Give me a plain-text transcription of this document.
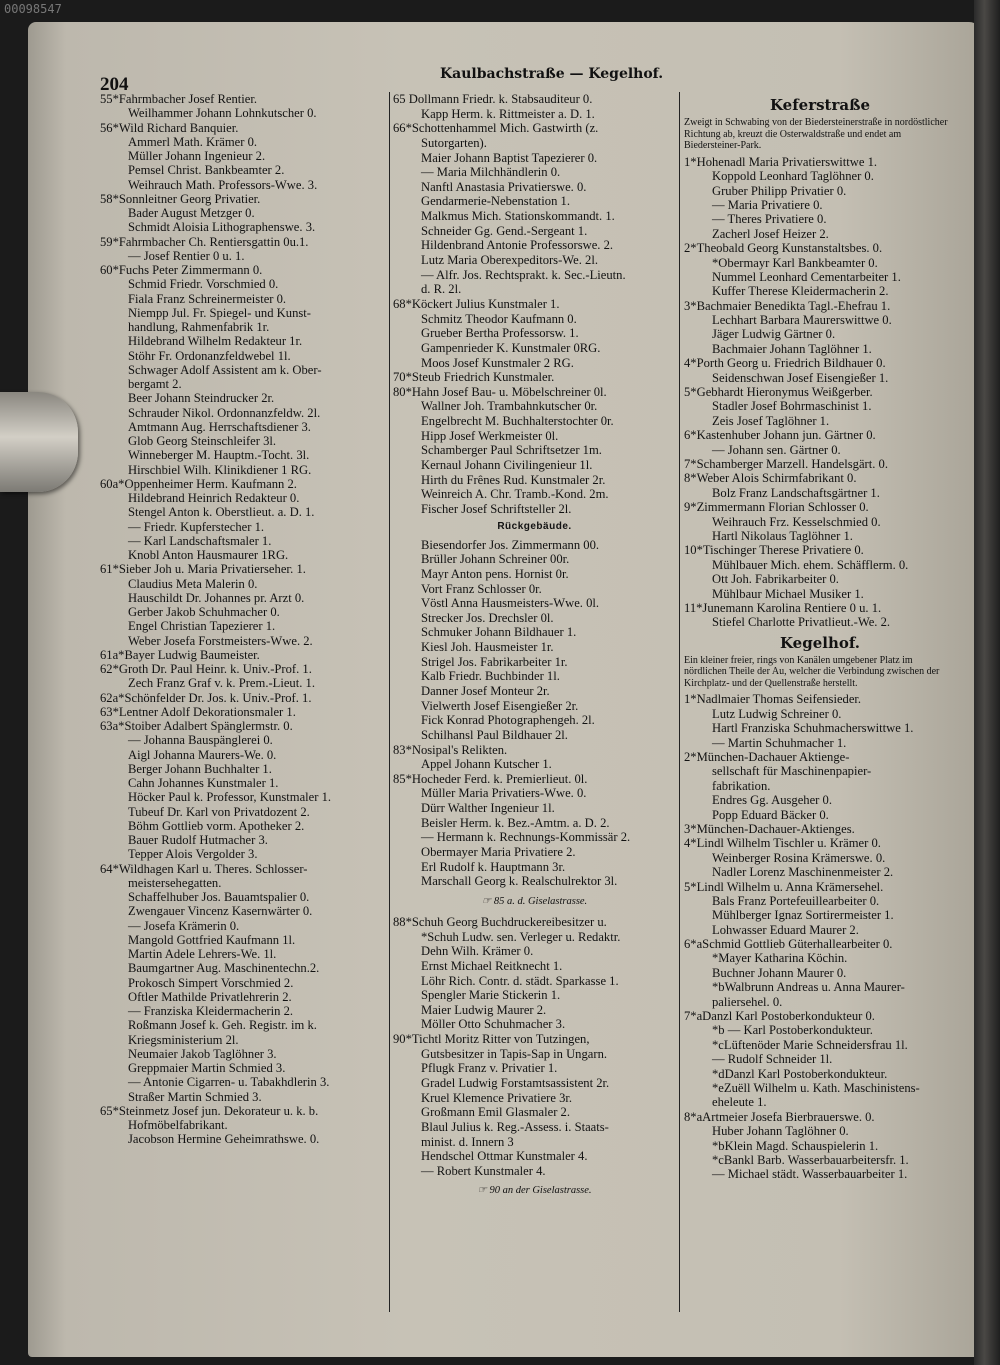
00098547
204	Kaulbachstraße — Kegelhof.
55*Fahrmbacher Josef Rentier.
Weilhammer Johann Lohnkutscher 0.
56*Wild Richard Banquier.
Ammerl Math. Krämer 0.
Müller Johann Ingenieur 2.
Pemsel Christ. Bankbeamter 2.
Weihrauch Math. Professors-Wwe. 3.
58*Sonnleitner Georg Privatier.
Bader August Metzger 0.
Schmidt Aloisia Lithographenswe. 3.
59*Fahrmbacher Ch. Rentiersgattin 0u.1.
— Josef Rentier 0 u. 1.
60*Fuchs Peter Zimmermann 0.
Schmid Friedr. Vorschmied 0.
Fiala Franz Schreinermeister 0.
Niempp Jul. Fr. Spiegel- und Kunst-
handlung, Rahmenfabrik 1r.
Hildebrand Wilhelm Redakteur 1r.
Stöhr Fr. Ordonanzfeldwebel 1l.
Schwager Adolf Assistent am k. Ober-
bergamt 2.
Beer Johann Steindrucker 2r.
Schrauder Nikol. Ordonnanzfeldw. 2l.
Amtmann Aug. Herrschaftsdiener 3.
Glob Georg Steinschleifer 3l.
Winneberger M. Hauptm.-Tocht. 3l.
Hirschbiel Wilh. Klinikdiener 1 RG.
60a*Oppenheimer Herm. Kaufmann 2.
Hildebrand Heinrich Redakteur 0.
Stengel Anton k. Oberstlieut. a. D. 1.
— Friedr. Kupferstecher 1.
— Karl Landschaftsmaler 1.
Knobl Anton Hausmaurer 1RG.
61*Sieber Joh u. Maria Privatiersehег. 1.
Claudius Meta Malerin 0.
Hauschildt Dr. Johannes pr. Arzt 0.
Gerber Jakob Schuhmacher 0.
Engel Christian Tapezierer 1.
Weber Josefa Forstmeisters-Wwe. 2.
61a*Bayer Ludwig Baumeister.
62*Groth Dr. Paul Heinr. k. Univ.-Prof. 1.
Zech Franz Graf v. k. Prem.-Lieut. 1.
62a*Schönfelder Dr. Jos. k. Univ.-Prof. 1.
63*Lentner Adolf Dekorationsmaler 1.
63a*Stoiber Adalbert Spänglermstr. 0.
— Johanna Bauspänglerei 0.
Aigl Johanna Maurers-We. 0.
Berger Johann Buchhalter 1.
Cahn Johannes Kunstmaler 1.
Höcker Paul k. Professor, Kunstmaler 1.
Tubeuf Dr. Karl von Privatdozent 2.
Böhm Gottlieb vorm. Apotheker 2.
Bauer Rudolf Hutmacher 3.
Tepper Alois Vergolder 3.
64*Wildhagen Karl u. Theres. Schlosser-
meistersehegatten.
Schaffelhuber Jos. Bauamtspalier 0.
Zwengauer Vincenz Kasernwärter 0.
— Josefa Krämerin 0.
Mangold Gottfried Kaufmann 1l.
Martin Adele Lehrers-We. 1l.
Baumgartner Aug. Maschinentechn.2.
Prokosch Simpert Vorschmied 2.
Oftler Mathilde Privatlehrerin 2.
— Franziska Kleidermacherin 2.
Roßmann Josef k. Geh. Registr. im k.
Kriegsministerium 2l.
Neumaier Jakob Taglöhner 3.
Greppmaier Martin Schmied 3.
— Antonie Cigarren- u. Tabakhdlerin 3.
Straßer Martin Schmied 3.
65*Steinmetz Josef jun. Dekorateur u. k. b.
Hofmöbelfabrikant.
Jacobson Hermine Geheimrathswe. 0.
65 Dollmann Friedr. k. Stabsauditeur 0.
Kapp Herm. k. Rittmeister a. D. 1.
66*Schottenhammel Mich. Gastwirth (z.
Sutorgarten).
Maier Johann Baptist Tapezierer 0.
— Maria Milchhändlerin 0.
Nanftl Anastasia Privatierswe. 0.
Gendarmerie-Nebenstation 1.
Malkmus Mich. Stationskommandt. 1.
Schneider Gg. Gend.-Sergeant 1.
Hildenbrand Antonie Professorswe. 2.
Lutz Maria Oberexpeditors-We. 2l.
— Alfr. Jos. Rechtsprakt. k. Sec.-Lieutn.
d. R. 2l.
68*Köckert Julius Kunstmaler 1.
Schmitz Theodor Kaufmann 0.
Grueber Bertha Professorsw. 1.
Gampenrieder K. Kunstmaler 0RG.
Moos Josef Kunstmaler 2 RG.
70*Steub Friedrich Kunstmaler.
80*Hahn Josef Bau- u. Möbelschreiner 0l.
Wallner Joh. Trambahnkutscher 0r.
Engelbrecht M. Buchhalterstochter 0r.
Hipp Josef Werkmeister 0l.
Schamberger Paul Schriftsetzer 1m.
Kernaul Johann Civilingenieur 1l.
Hirth du Frênes Rud. Kunstmaler 2r.
Weinreich A. Chr. Tramb.-Kond. 2m.
Fischer Josef Schriftsteller 2l.
Rückgebäude.
Biesendorfer Jos. Zimmermann 00.
Brüller Johann Schreiner 00r.
Mayr Anton pens. Hornist 0r.
Vort Franz Schlosser 0r.
Vöstl Anna Hausmeisters-Wwe. 0l.
Strecker Jos. Drechsler 0l.
Schmuker Johann Bildhauer 1.
Kiesl Joh. Hausmeister 1r.
Strigel Jos. Fabrikarbeiter 1r.
Kalb Friedr. Buchbinder 1l.
Danner Josef Monteur 2r.
Vielwerth Josef Eisengießer 2r.
Fick Konrad Photographengeh. 2l.
Schilhansl Paul Bildhauer 2l.
83*Nosipal's Relikten.
Appel Johann Kutscher 1.
85*Hocheder Ferd. k. Premierlieut. 0l.
Müller Maria Privatiers-Wwe. 0.
Dürr Walther Ingenieur 1l.
Beisler Herm. k. Bez.-Amtm. a. D. 2.
— Hermann k. Rechnungs-Kommissär 2.
Obermayer Maria Privatiere 2.
Erl Rudolf k. Hauptmann 3r.
Marschall Georg k. Realschulrektor 3l.
☞ 85 a. d. Giselastrasse.
88*Schuh Georg Buchdruckereibesitzer u.
*Schuh Ludw. sen. Verleger u. Redaktr.
Dehn Wilh. Krämer 0.
Ernst Michael Reitknecht 1.
Löhr Rich. Contr. d. städt. Sparkasse 1.
Spengler Marie Stickerin 1.
Maier Ludwig Maurer 2.
Möller Otto Schuhmacher 3.
90*Tichtl Moritz Ritter von Tutzingen,
Gutsbesitzer in Tapis-Sap in Ungarn.
Pflugk Franz v. Privatier 1.
Gradel Ludwig Forstamtsassistent 2r.
Kruel Klemence Privatiere 3r.
Großmann Emil Glasmaler 2.
Blaul Julius k. Reg.-Assess. i. Staats-
minist. d. Innern 3
Hendschel Ottmar Kunstmaler 4.
— Robert Kunstmaler 4.
☞ 90 an der Giselastrasse.
Keferstraße
Zweigt in Schwabing von der Biedersteinerstraße in nordöstlicher Richtung ab, kreuzt die Osterwaldstraße und endet am Biedersteiner-Park.
1*Hohenadl Maria Privatierswittwe 1.
Koppold Leonhard Taglöhner 0.
Gruber Philipp Privatier 0.
— Maria Privatiere 0.
— Theres Privatiere 0.
Zacherl Josef Heizer 2.
2*Theobald Georg Kunstanstaltsbes. 0.
*Obermayr Karl Bankbeamter 0.
Nummel Leonhard Cementarbeiter 1.
Kuffer Therese Kleidermacherin 2.
3*Bachmaier Benedikta Tagl.-Ehefrau 1.
Lechhart Barbara Maurerswittwe 0.
Jäger Ludwig Gärtner 0.
Bachmaier Johann Taglöhner 1.
4*Porth Georg u. Friedrich Bildhauer 0.
Seidenschwan Josef Eisengießer 1.
5*Gebhardt Hieronymus Weißgerber.
Stadler Josef Bohrmaschinist 1.
Zeis Josef Taglöhner 1.
6*Kastenhuber Johann jun. Gärtner 0.
— Johann sen. Gärtner 0.
7*Schamberger Marzell. Handelsgärt. 0.
8*Weber Alois Schirmfabrikant 0.
Bolz Franz Landschaftsgärtner 1.
9*Zimmermann Florian Schlosser 0.
Weihrauch Frz. Kesselschmied 0.
Hartl Nikolaus Taglöhner 1.
10*Tischinger Therese Privatiere 0.
Mühlbauer Mich. ehem. Schäfflerm. 0.
Ott Joh. Fabrikarbeiter 0.
Mühlbaur Michael Musiker 1.
11*Junemann Karolina Rentiere 0 u. 1.
Stiefel Charlotte Privatlieut.-We. 2.
Kegelhof.
Ein kleiner freier, rings von Kanälen umgebener Platz im nördlichen Theile der Au, welcher die Verbindung zwischen der Kirchplatz- und der Quellenstraße herstellt.
1*Nadlmaier Thomas Seifensieder.
Lutz Ludwig Schreiner 0.
Hartl Franziska Schuhmacherswittwe 1.
— Martin Schuhmacher 1.
2*München-Dachauer Aktienge-
sellschaft für Maschinenpapier-
fabrikation.
Endres Gg. Ausgeher 0.
Popp Eduard Bäcker 0.
3*München-Dachauer-Aktienges.
4*Lindl Wilhelm Tischler u. Krämer 0.
Weinberger Rosina Krämerswe. 0.
Nadler Lorenz Maschinenmeister 2.
5*Lindl Wilhelm u. Anna Krämersehel.
Bals Franz Portefeuillearbeiter 0.
Mühlberger Ignaz Sortirermeister 1.
Lohwasser Eduard Maurer 2.
6*aSchmid Gottlieb Güterhallearbeiter 0.
*Mayer Katharina Köchin.
Buchner Johann Maurer 0.
*bWalbrunn Andreas u. Anna Maurer-
paliersehel. 0.
7*aDanzl Karl Postoberkondukteur 0.
*b — Karl Postoberkondukteur.
*cLüftenöder Marie Schneidersfrau 1l.
— Rudolf Schneider 1l.
*dDanzl Karl Postoberkondukteur.
*eZuëll Wilhelm u. Kath. Maschinistens-
eheleute 1.
8*aArtmeier Josefa Bierbrauerswe. 0.
Huber Johann Taglöhner 0.
*bKlein Magd. Schauspielerin 1.
*cBankl Barb. Wasserbauarbeitersfr. 1.
— Michael städt. Wasserbauarbeiter 1.
